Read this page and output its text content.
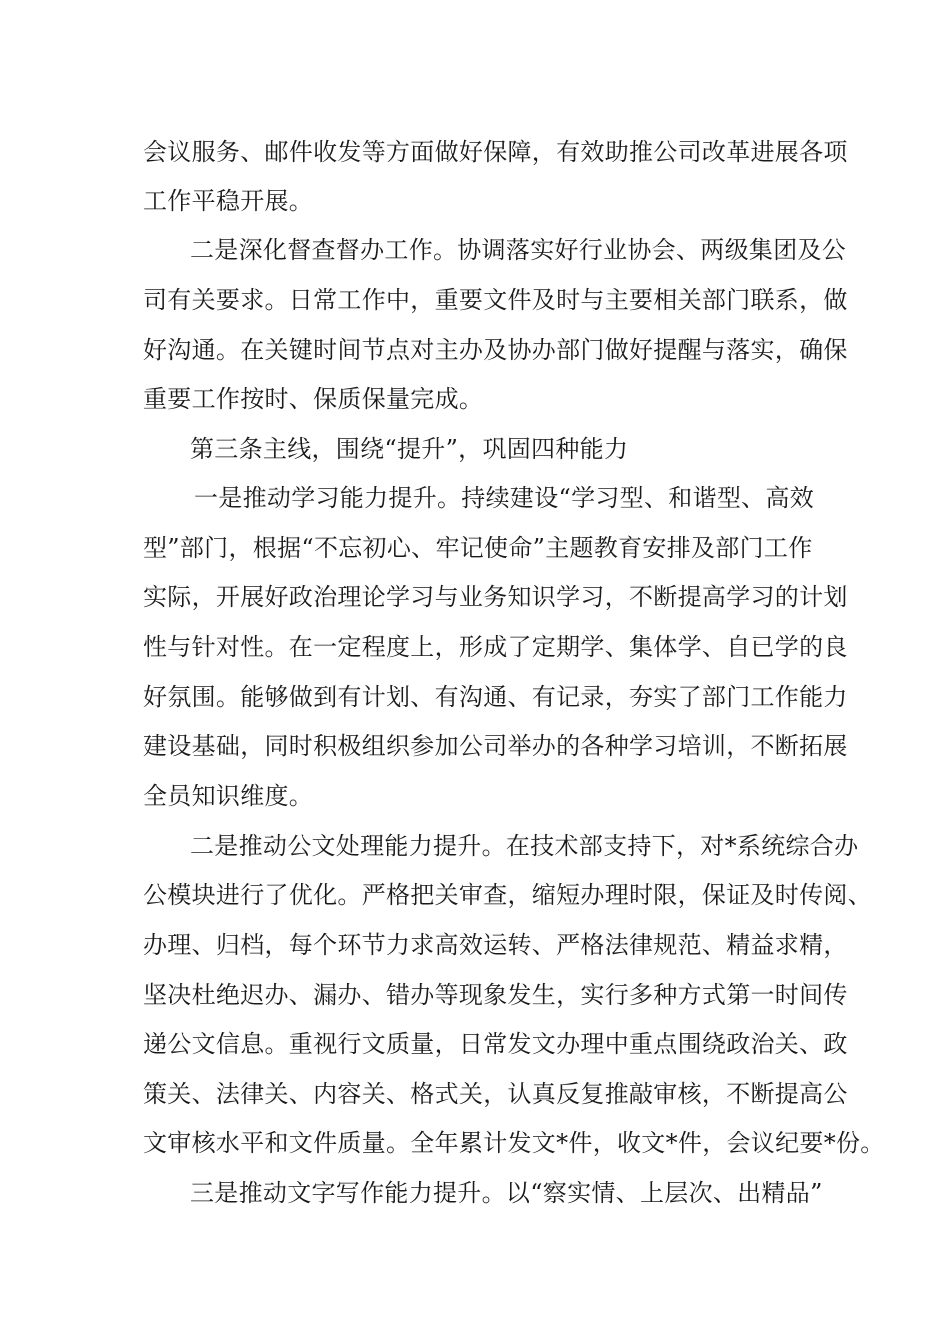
会议服务、邮件收发等方面做好保障，有效助推公司改革进展各项
工作平稳开展。
二是深化督查督办工作。协调落实好行业协会、两级集团及公
司有关要求。日常工作中，重要文件及时与主要相关部门联系，做
好沟通。在关键时间节点对主办及协办部门做好提醒与落实，确保
重要工作按时、保质保量完成。
第三条主线，围绕“提升”，巩固四种能力
一是推动学习能力提升。持续建设“学习型、和谐型、高效
型”部门，根据“不忘初心、牢记使命”主题教育安排及部门工作
实际，开展好政治理论学习与业务知识学习，不断提高学习的计划
性与针对性。在一定程度上，形成了定期学、集体学、自已学的良
好氛围。能够做到有计划、有沟通、有记录，夯实了部门工作能力
建设基础，同时积极组织参加公司举办的各种学习培训，不断拓展
全员知识维度。
二是推动公文处理能力提升。在技术部支持下，对*系统综合办
公模块进行了优化。严格把关审查，缩短办理时限，保证及时传阅、
办理、归档，每个环节力求高效运转、严格法律规范、精益求精，
坚决杜绝迟办、漏办、错办等现象发生，实行多种方式第一时间传
递公文信息。重视行文质量，日常发文办理中重点围绕政治关、政
策关、法律关、内容关、格式关，认真反复推敲审核，不断提高公
文审核水平和文件质量。全年累计发文*件，收文*件，会议纪要*份。
三是推动文字写作能力提升。以“察实情、上层次、出精品”
